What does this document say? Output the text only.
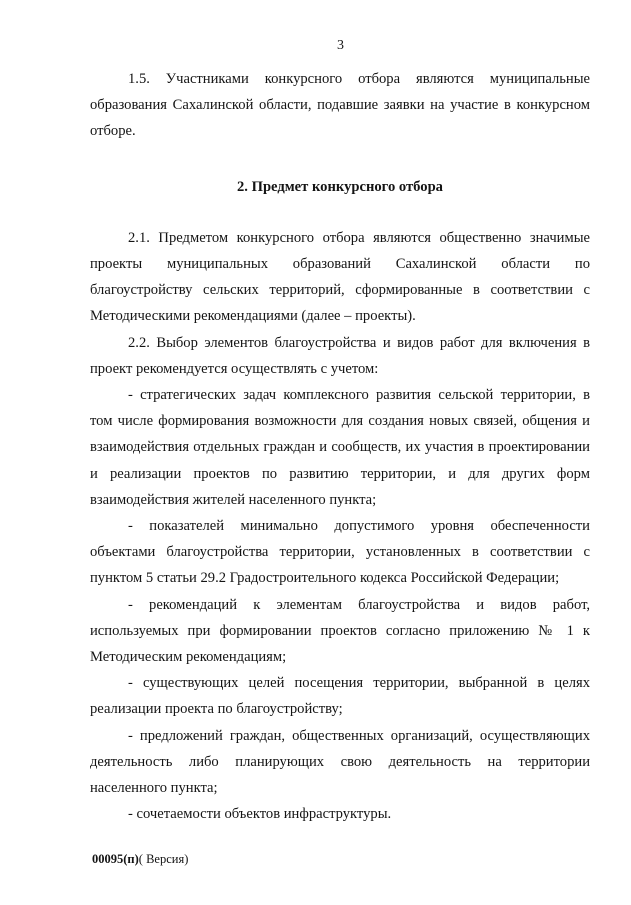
3

1.5. Участниками конкурсного отбора являются муниципальные образования Сахалинской области, подавшие заявки на участие в конкурсном отборе.

2. Предмет конкурсного отбора

2.1. Предметом конкурсного отбора являются общественно значимые проекты муниципальных образований Сахалинской области по благоустройству сельских территорий, сформированные в соответствии с Методическими рекомендациями (далее – проекты).

2.2. Выбор элементов благоустройства и видов работ для включения в проект рекомендуется осуществлять с учетом:

- стратегических задач комплексного развития сельской территории, в том числе формирования возможности для создания новых связей, общения и взаимодействия отдельных граждан и сообществ, их участия в проектировании и реализации проектов по развитию территории, и для других форм взаимодействия жителей населенного пункта;

- показателей минимально допустимого уровня обеспеченности объектами благоустройства территории, установленных в соответствии с пунктом 5 статьи 29.2 Градостроительного кодекса Российской Федерации;

- рекомендаций к элементам благоустройства и видов работ, используемых при формировании проектов согласно приложению № 1 к Методическим рекомендациям;

- существующих целей посещения территории, выбранной в целях реализации проекта по благоустройству;

- предложений граждан, общественных организаций, осуществляющих деятельность либо планирующих свою деятельность на территории населенного пункта;

- сочетаемости объектов инфраструктуры.

00095(п)( Версия)
